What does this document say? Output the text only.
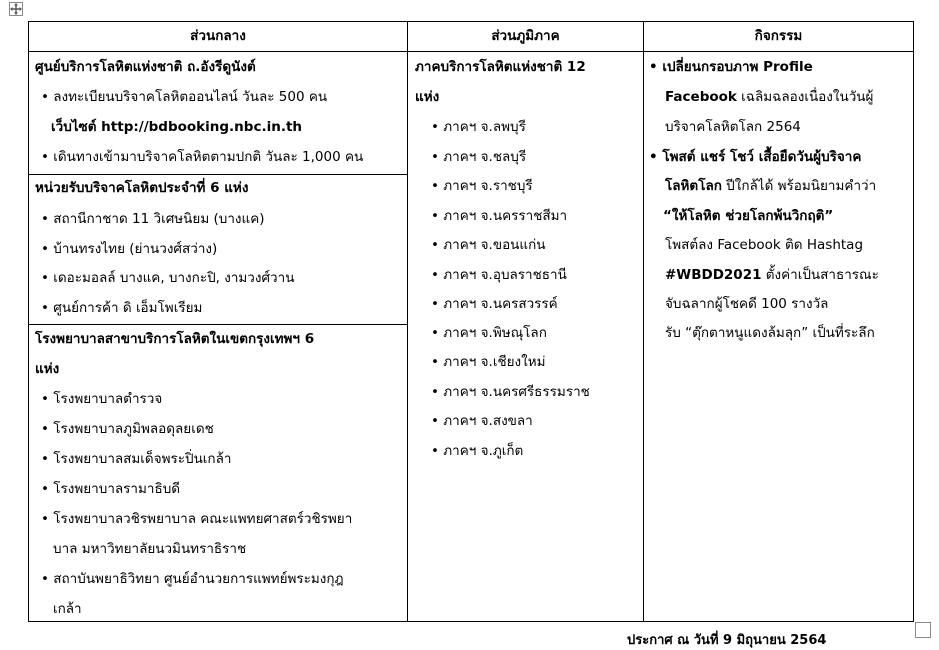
ส่วนกลาง	ส่วนภูมิภาค	กิจกรรม
ศูนย์บริการโลหิตแห่งชาติ ถ.อังรีดูนังต์
• ลงทะเบียนบริจาคโลหิตออนไลน์ วันละ 500 คน
เว็บไซต์ http://bdbooking.nbc.in.th
• เดินทางเข้ามาบริจาคโลหิตตามปกติ วันละ 1,000 คน
หน่วยรับบริจาคโลหิตประจำที่ 6 แห่ง
• สถานีกาชาด 11 วิเศษนิยม (บางแค)
• บ้านทรงไทย (ย่านวงศ์สว่าง)
• เดอะมอลล์ บางแค, บางกะปิ, งามวงศ์วาน
• ศูนย์การค้า ดิ เอ็มโพเรียม
โรงพยาบาลสาขาบริการโลหิตในเขตกรุงเทพฯ 6
แห่ง
• โรงพยาบาลตำรวจ
• โรงพยาบาลภูมิพลอดุลยเดช
• โรงพยาบาลสมเด็จพระปิ่นเกล้า
• โรงพยาบาลรามาธิบดี
• โรงพยาบาลวชิรพยาบาล คณะแพทยศาสตร์วชิรพยา
บาล มหาวิทยาลัยนวมินทราธิราช
• สถาบันพยาธิวิทยา ศูนย์อำนวยการแพทย์พระมงกุฎ
เกล้า
ภาคบริการโลหิตแห่งชาติ 12
แห่ง
• ภาคฯ จ.ลพบุรี
• ภาคฯ จ.ชลบุรี
• ภาคฯ จ.ราชบุรี
• ภาคฯ จ.นครราชสีมา
• ภาคฯ จ.ขอนแก่น
• ภาคฯ จ.อุบลราชธานี
• ภาคฯ จ.นครสวรรค์
• ภาคฯ จ.พิษณุโลก
• ภาคฯ จ.เชียงใหม่
• ภาคฯ จ.นครศรีธรรมราช
• ภาคฯ จ.สงขลา
• ภาคฯ จ.ภูเก็ต
• เปลี่ยนกรอบภาพ Profile
Facebook เฉลิมฉลองเนื่องในวันผู้
บริจาคโลหิตโลก 2564
• โพสต์ แชร์ โชว์ เสื้อยืดวันผู้บริจาค
โลหิตโลก ปีใกล้ได้ พร้อมนิยามคำว่า
“ให้โลหิต ช่วยโลกพ้นวิกฤติ”
โพสต์ลง Facebook ติด Hashtag
#WBDD2021 ตั้งค่าเป็นสาธารณะ
จับฉลากผู้โชคดี 100 รางวัล
รับ “ตุ๊กตาหนูแดงล้มลุก” เป็นที่ระลึก
ประกาศ ณ วันที่ 9 มิถุนายน 2564
